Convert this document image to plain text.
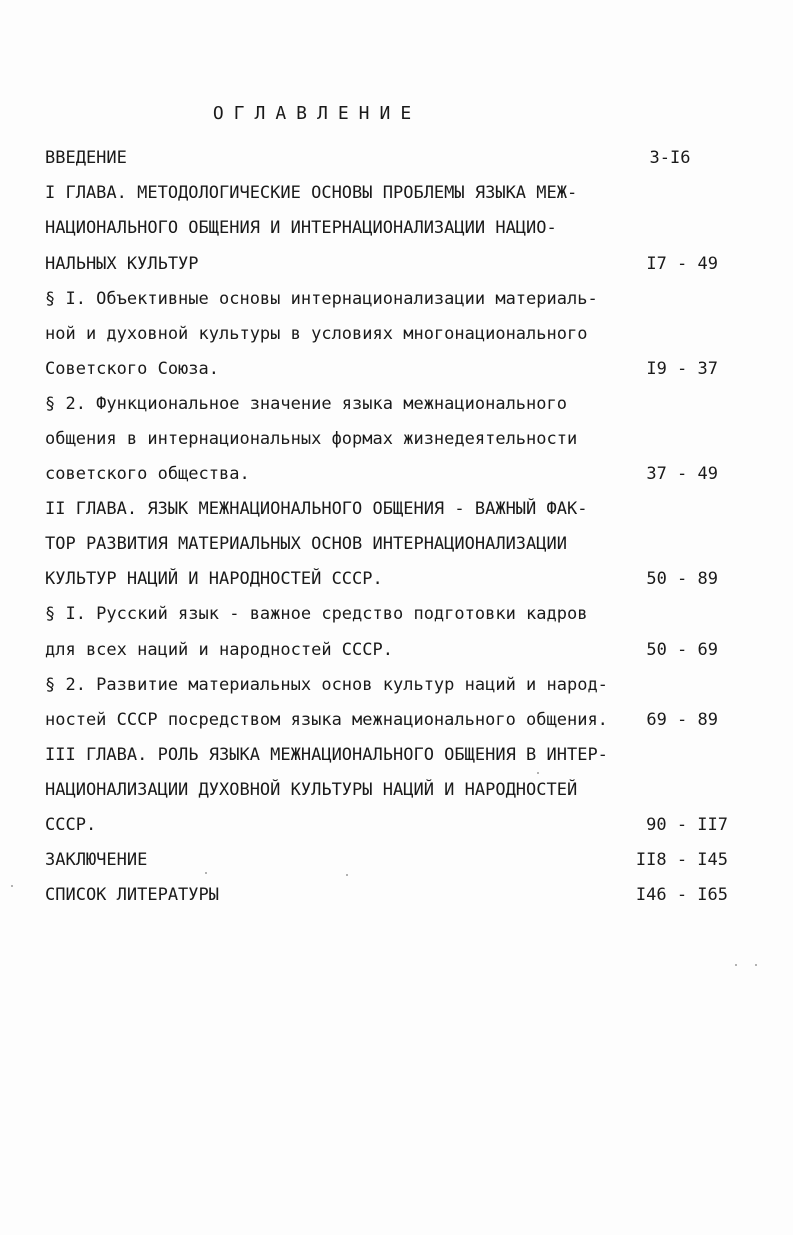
ОГЛАВЛЕНИЕ
ВВЕДЕНИЕ	3-I6
I ГЛАВА. МЕТОДОЛОГИЧЕСКИЕ ОСНОВЫ ПРОБЛЕМЫ ЯЗЫКА МЕЖ-
НАЦИОНАЛЬНОГО ОБЩЕНИЯ И ИНТЕРНАЦИОНАЛИЗАЦИИ НАЦИО-
НАЛЬНЫХ КУЛЬТУР	I7 - 49
§ I. Объективные основы интернационализации материаль-
ной и духовной культуры в условиях многонационального
Советского Союза.	I9 - 37
§ 2. Функциональное значение языка межнационального
общения в интернациональных формах жизнедеятельности
советского общества.	37 - 49
II ГЛАВА. ЯЗЫК МЕЖНАЦИОНАЛЬНОГО ОБЩЕНИЯ - ВАЖНЫЙ ФАК-
ТОР РАЗВИТИЯ МАТЕРИАЛЬНЫХ ОСНОВ ИНТЕРНАЦИОНАЛИЗАЦИИ
КУЛЬТУР НАЦИЙ И НАРОДНОСТЕЙ СССР.	50 - 89
§ I. Русский язык - важное средство подготовки кадров
для всех наций и народностей СССР.	50 - 69
§ 2. Развитие материальных основ культур наций и народ-
ностей СССР посредством языка межнационального общения.	69 - 89
III ГЛАВА. РОЛЬ ЯЗЫКА МЕЖНАЦИОНАЛЬНОГО ОБЩЕНИЯ В ИНТЕР-
НАЦИОНАЛИЗАЦИИ ДУХОВНОЙ КУЛЬТУРЫ НАЦИЙ И НАРОДНОСТЕЙ
СССР.	90 - II7
ЗАКЛЮЧЕНИЕ	II8 - I45
СПИСОК ЛИТЕРАТУРЫ	I46 - I65
